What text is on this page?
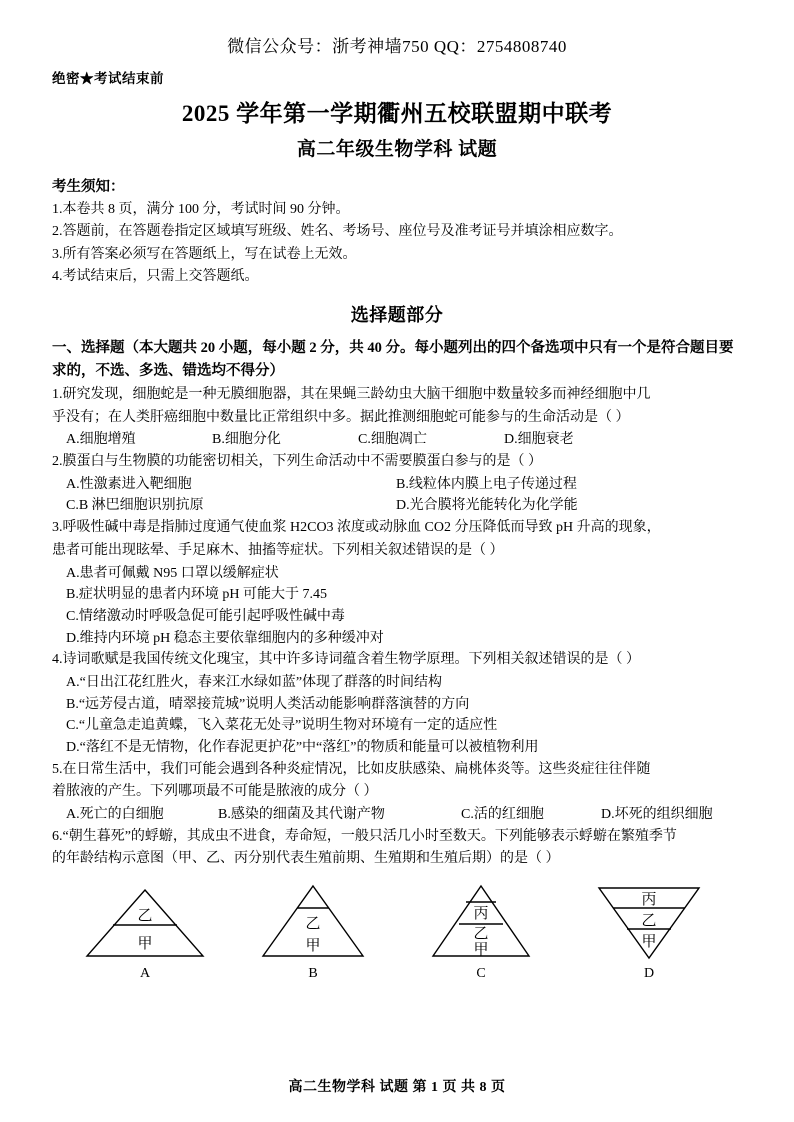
微信公众号：浙考神墙750 QQ：2754808740
绝密★考试结束前
2025 学年第一学期衢州五校联盟期中联考
高二年级生物学科 试题
考生须知：
1.本卷共 8 页，满分 100 分，考试时间 90 分钟。
2.答题前，在答题卷指定区域填写班级、姓名、考场号、座位号及准考证号并填涂相应数字。
3.所有答案必须写在答题纸上，写在试卷上无效。
4.考试结束后，只需上交答题纸。
选择题部分
一、选择题（本大题共 20 小题，每小题 2 分，共 40 分。每小题列出的四个备选项中只有一个是符合题目要求的，不选、多选、错选均不得分）
1.研究发现，细胞蛇是一种无膜细胞器，其在果蝇三龄幼虫大脑干细胞中数量较多而神经细胞中几
乎没有；在人类肝癌细胞中数量比正常组织中多。据此推测细胞蛇可能参与的生命活动是（ ）
A.细胞增殖	B.细胞分化	C.细胞凋亡	D.细胞衰老
2.膜蛋白与生物膜的功能密切相关，下列生命活动中不需要膜蛋白参与的是（ ）
A.性激素进入靶细胞	B.线粒体内膜上电子传递过程
C.B 淋巴细胞识别抗原	D.光合膜将光能转化为化学能
3.呼吸性碱中毒是指肺过度通气使血浆 H2CO3 浓度或动脉血 CO2 分压降低而导致 pH 升高的现象，
患者可能出现眩晕、手足麻木、抽搐等症状。下列相关叙述错误的是（ ）
A.患者可佩戴 N95 口罩以缓解症状
B.症状明显的患者内环境 pH 可能大于 7.45
C.情绪激动时呼吸急促可能引起呼吸性碱中毒
D.维持内环境 pH 稳态主要依靠细胞内的多种缓冲对
4.诗词歌赋是我国传统文化瑰宝，其中许多诗词蕴含着生物学原理。下列相关叙述错误的是（ ）
A.“日出江花红胜火，春来江水绿如蓝”体现了群落的时间结构
B.“远芳侵古道，晴翠接荒城”说明人类活动能影响群落演替的方向
C.“儿童急走追黄蝶，飞入菜花无处寻”说明生物对环境有一定的适应性
D.“落红不是无情物，化作春泥更护花”中“落红”的物质和能量可以被植物利用
5.在日常生活中，我们可能会遇到各种炎症情况，比如皮肤感染、扁桃体炎等。这些炎症往往伴随
着脓液的产生。下列哪项最不可能是脓液的成分（ ）
A.死亡的白细胞	B.感染的细菌及其代谢产物	C.活的红细胞	D.坏死的组织细胞
6.“朝生暮死”的蜉蝣，其成虫不进食，寿命短，一般只活几小时至数天。下列能够表示蜉蝣在繁殖季节
的年龄结构示意图（甲、乙、丙分别代表生殖前期、生殖期和生殖后期）的是（ ）
乙
甲
A
乙
甲
B
丙
乙
甲
C
丙
乙
甲
D
高二生物学科 试题 第 1 页 共 8 页
